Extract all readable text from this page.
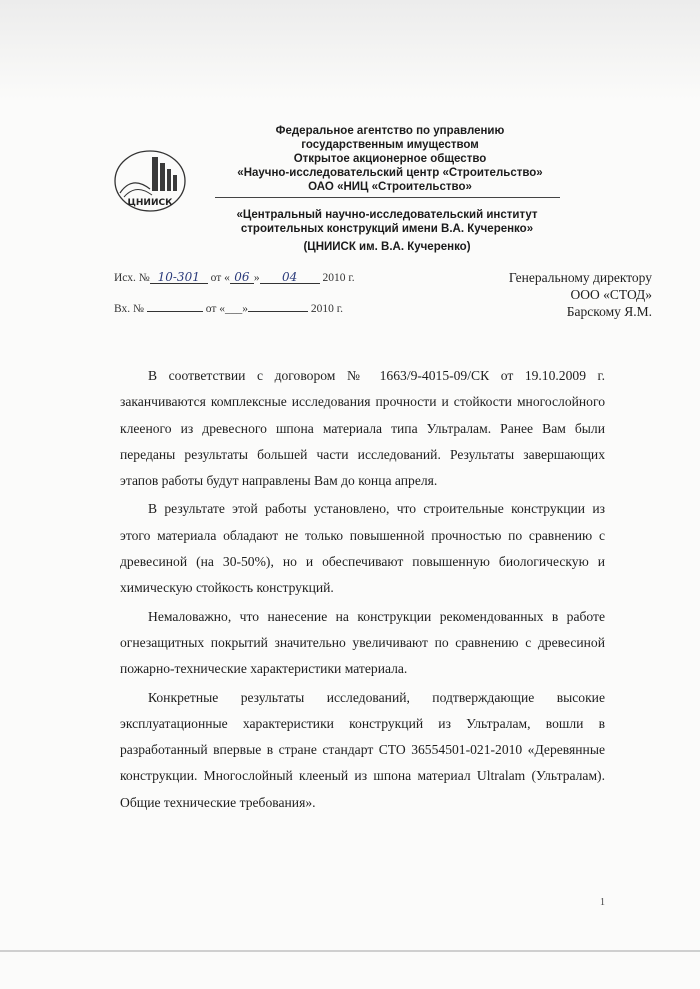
ЦНИИСК
Федеральное агентство по управлению
государственным имуществом
Открытое акционерное общество
«Научно-исследовательский центр «Строительство»
ОАО «НИЦ «Строительство»
«Центральный научно-исследовательский институт
строительных конструкций имени В.А. Кучеренко»
(ЦНИИСК им. В.А. Кучеренко)
Исх. № 10-301 от « 06 » 04 2010 г.
Вх. №	от «___»	2010 г.
Генеральному директору
ООО «СТОД»
Барскому Я.М.

В соответствии с договором № 1663/9-4015-09/СК от 19.10.2009 г. заканчиваются комплексные исследования прочности и стойкости многослойного клееного из древесного шпона материала типа Ультралам. Ранее Вам были переданы результаты большей части исследований. Результаты завершающих этапов работы будут направлены Вам до конца апреля.

В результате этой работы установлено, что строительные конструкции из этого материала обладают не только повышенной прочностью по сравнению с древесиной (на 30-50%), но и обеспечивают повышенную биологическую и химическую стойкость конструкций.

Немаловажно, что нанесение на конструкции рекомендованных в работе огнезащитных покрытий значительно увеличивают по сравнению с древесиной пожарно-технические характеристики материала.

Конкретные результаты исследований, подтверждающие высокие эксплуатационные характеристики конструкций из Ультралам, вошли в разработанный впервые в стране стандарт СТО 36554501-021-2010 «Деревянные конструкции. Многослойный клееный из шпона материал Ultralam (Ультралам). Общие технические требования».

1
